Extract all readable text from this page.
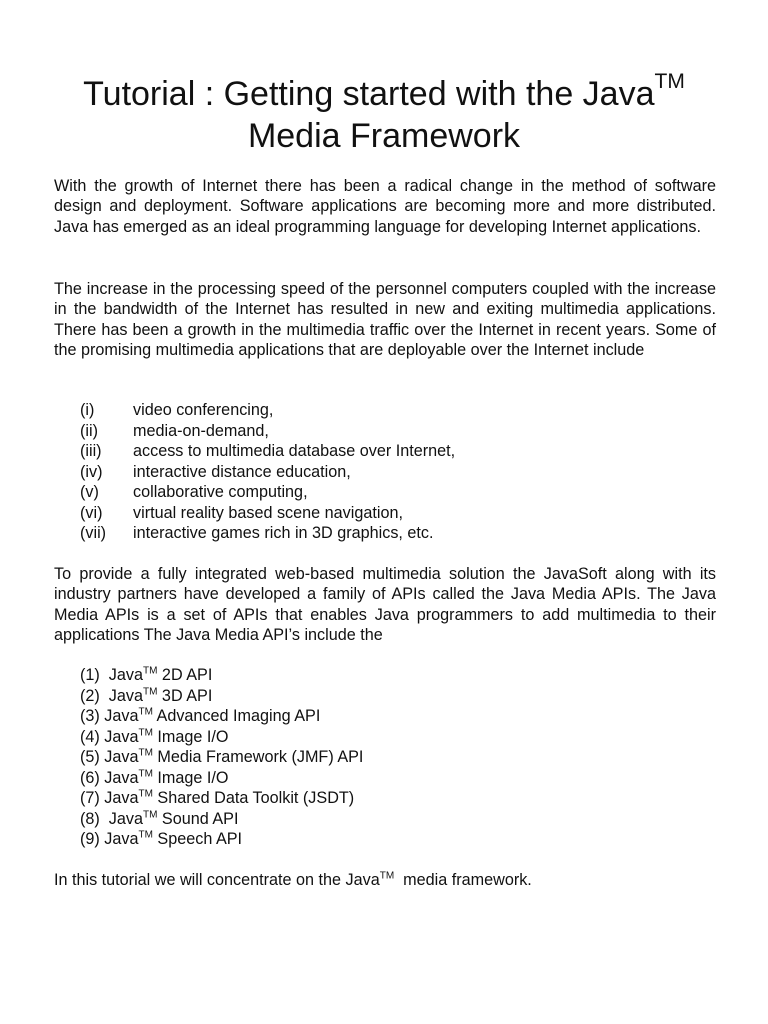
Tutorial : Getting started with the Java™
Media Framework

With the growth of Internet there has been a radical change in the method of software design and deployment. Software applications are becoming more and more distributed. Java has emerged as an ideal programming language for developing Internet applications.

The increase in the processing speed of the personnel computers coupled with the increase in the bandwidth of the Internet has resulted in new and exiting multimedia applications. There has been a growth in the multimedia traffic over the Internet in recent years. Some of the promising multimedia applications that are deployable over the Internet include

(i)	video conferencing,
(ii)	media-on-demand,
(iii)	access to multimedia database over Internet,
(iv)	interactive distance education,
(v)	collaborative computing,
(vi)	virtual reality based scene navigation,
(vii)	interactive games rich in 3D graphics, etc.

To provide a fully integrated web-based multimedia solution the JavaSoft along with its industry partners have developed a family of APIs called the Java Media APIs. The Java Media APIs is a set of APIs that enables Java programmers to add multimedia to their applications The Java Media API’s include the

(1)  Java™ 2D API
(2)  Java™ 3D API
(3) Java™ Advanced Imaging API
(4) Java™ Image I/O
(5) Java™ Media Framework (JMF) API
(6) Java™ Image I/O
(7) Java™ Shared Data Toolkit (JSDT)
(8)  Java™ Sound API
(9) Java™ Speech API

In this tutorial we will concentrate on the Java™  media framework.
